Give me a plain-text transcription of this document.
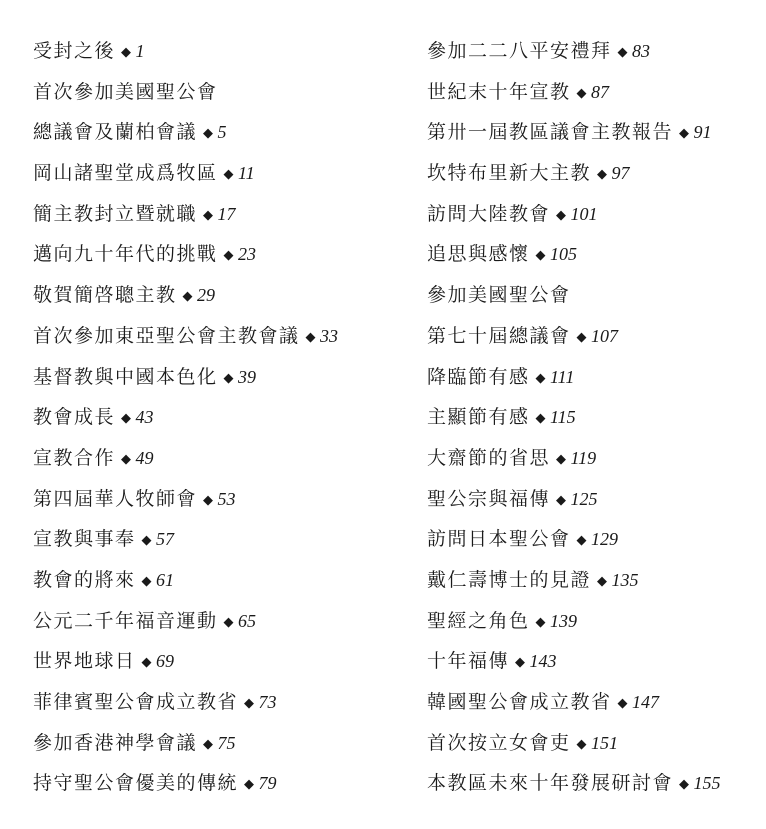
受封之後 ◆ 1
首次參加美國聖公會
總議會及蘭柏會議 ◆ 5
岡山諸聖堂成爲牧區 ◆ 11
簡主教封立暨就職 ◆ 17
邁向九十年代的挑戰 ◆ 23
敬賀簡啓聰主教 ◆ 29
首次參加東亞聖公會主教會議 ◆ 33
基督教與中國本色化 ◆ 39
教會成長 ◆ 43
宣教合作 ◆ 49
第四屆華人牧師會 ◆ 53
宣教與事奉 ◆ 57
教會的將來 ◆ 61
公元二千年福音運動 ◆ 65
世界地球日 ◆ 69
菲律賓聖公會成立教省 ◆ 73
參加香港神學會議 ◆ 75
持守聖公會優美的傳統 ◆ 79
參加二二八平安禮拜 ◆ 83
世紀末十年宣教 ◆ 87
第卅一屆教區議會主教報告 ◆ 91
坎特布里新大主教 ◆ 97
訪問大陸教會 ◆ 101
追思與感懷 ◆ 105
參加美國聖公會
第七十屆總議會 ◆ 107
降臨節有感 ◆ 111
主顯節有感 ◆ 115
大齋節的省思 ◆ 119
聖公宗與福傳 ◆ 125
訪問日本聖公會 ◆ 129
戴仁壽博士的見證 ◆ 135
聖經之角色 ◆ 139
十年福傳 ◆ 143
韓國聖公會成立教省 ◆ 147
首次按立女會吏 ◆ 151
本教區未來十年發展研討會 ◆ 155
